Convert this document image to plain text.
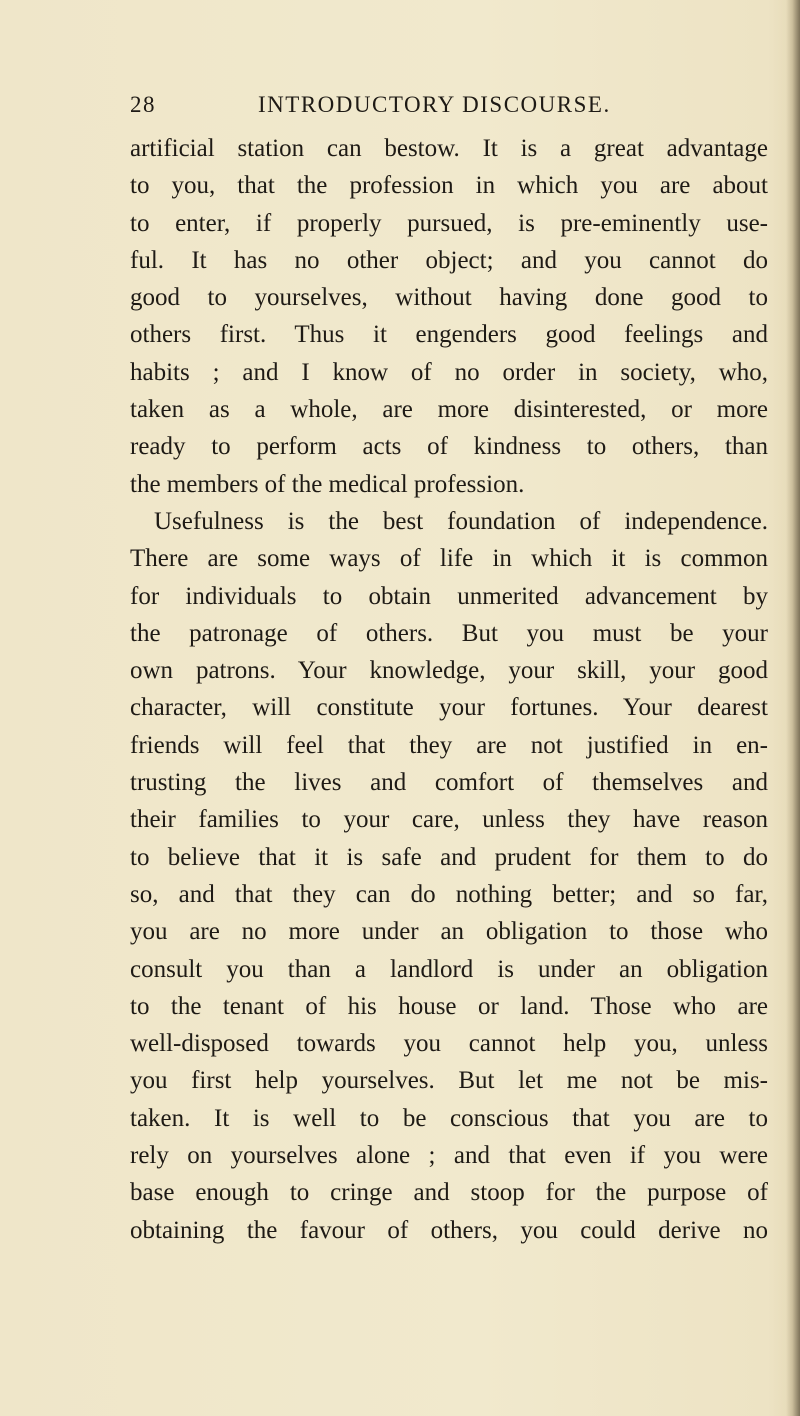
28	INTRODUCTORY DISCOURSE.
artificial station can bestow. It is a great advantage
to you, that the profession in which you are about
to enter, if properly pursued, is pre-eminently use-
ful. It has no other object; and you cannot do
good to yourselves, without having done good to
others first. Thus it engenders good feelings and
habits ; and I know of no order in society, who,
taken as a whole, are more disinterested, or more
ready to perform acts of kindness to others, than
the members of the medical profession.
Usefulness is the best foundation of independence.
There are some ways of life in which it is common
for individuals to obtain unmerited advancement by
the patronage of others. But you must be your
own patrons. Your knowledge, your skill, your good
character, will constitute your fortunes. Your dearest
friends will feel that they are not justified in en-
trusting the lives and comfort of themselves and
their families to your care, unless they have reason
to believe that it is safe and prudent for them to do
so, and that they can do nothing better; and so far,
you are no more under an obligation to those who
consult you than a landlord is under an obligation
to the tenant of his house or land. Those who are
well-disposed towards you cannot help you, unless
you first help yourselves. But let me not be mis-
taken. It is well to be conscious that you are to
rely on yourselves alone ; and that even if you were
base enough to cringe and stoop for the purpose of
obtaining the favour of others, you could derive no
